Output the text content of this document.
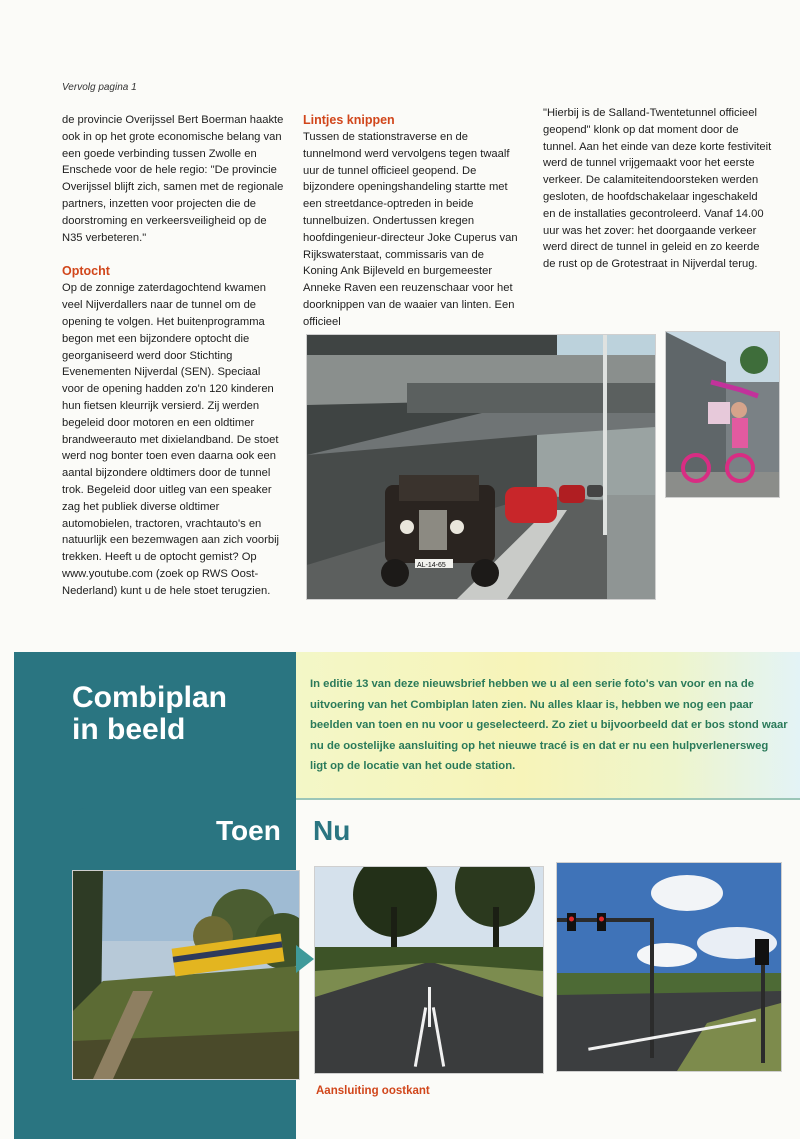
Vervolg pagina 1

de provincie Overijssel Bert Boerman haakte ook in op het grote economische belang van een goede verbinding tussen Zwolle en Enschede voor de hele regio: "De provincie Overijssel blijft zich, samen met de regionale partners, inzetten voor projecten die de doorstroming en verkeersveiligheid op de N35 verbeteren."

Optocht

Op de zonnige zaterdagochtend kwamen veel Nijverdallers naar de tunnel om de opening te volgen. Het buitenprogramma begon met een bijzondere optocht die georganiseerd werd door Stichting Evenementen Nijverdal (SEN). Speciaal voor de opening hadden zo'n 120 kinderen hun fietsen kleurrijk versierd. Zij werden begeleid door motoren en een oldtimer brandweerauto met dixielandband. De stoet werd nog bonter toen even daarna ook een aantal bijzondere oldtimers door de tunnel trok. Begeleid door uitleg van een speaker zag het publiek diverse oldtimer automobielen, tractoren, vrachtauto's en natuurlijk een bezemwagen aan zich voorbij trekken. Heeft u de optocht gemist? Op www.youtube.com (zoek op RWS Oost-Nederland) kunt u de hele stoet terugzien.

Lintjes knippen

Tussen de stationstraverse en de tunnelmond werd vervolgens tegen twaalf uur de tunnel officieel geopend. De bijzondere openingshandeling startte met een streetdance-optreden in beide tunnelbuizen. Ondertussen kregen hoofdingenieur-directeur Joke Cuperus van Rijkswaterstaat, commissaris van de Koning Ank Bijleveld en burgemeester Anneke Raven een reuzenschaar voor het doorknippen van de waaier van linten. Een officieel

"Hierbij is de Salland-Twentetunnel officieel geopend" klonk op dat moment door de tunnel. Aan het einde van deze korte festiviteit werd de tunnel vrijgemaakt voor het eerste verkeer. De calamiteitendoorsteken werden gesloten, de hoofdschakelaar ingeschakeld en de installaties gecontroleerd. Vanaf 14.00 uur was het zover: het doorgaande verkeer werd direct de tunnel in geleid en zo keerde de rust op de Grotestraat in Nijverdal terug.

AL-14-65
Combiplan
in beeld
In editie 13 van deze nieuwsbrief hebben we u al een serie foto's van voor en na de uitvoering van het Combiplan laten zien. Nu alles klaar is, hebben we nog een paar beelden van toen en nu voor u geselecteerd. Zo ziet u bijvoorbeeld dat er bos stond waar nu de oostelijke aansluiting op het nieuwe tracé is en dat er nu een hulpverlenersweg ligt op de locatie van het oude station.
Toen Nu
Aansluiting oostkant
